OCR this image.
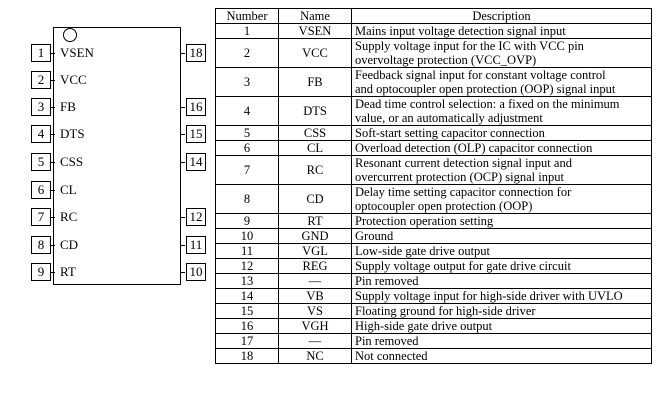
1	VSEN
2	VCC
3	FB
4	DTS
5	CSS
6	CL
7	RC
8	CD
9	RT
18
16
15
14
12
11
10
Number	Name	Description
1	VSEN	Mains input voltage detection signal input
2	VCC	Supply voltage input for the IC with VCC pin
overvoltage protection (VCC_OVP)
3	FB	Feedback signal input for constant voltage control
and optocoupler open protection (OOP) signal input
4	DTS	Dead time control selection: a fixed on the minimum
value, or an automatically adjustment
5	CSS	Soft-start setting capacitor connection
6	CL	Overload detection (OLP) capacitor connection
7	RC	Resonant current detection signal input and
overcurrent protection (OCP) signal input
8	CD	Delay time setting capacitor connection for
optocoupler open protection (OOP)
9	RT	Protection operation setting
10	GND	Ground
11	VGL	Low-side gate drive output
12	REG	Supply voltage output for gate drive circuit
13	—	Pin removed
14	VB	Supply voltage input for high-side driver with UVLO
15	VS	Floating ground for high-side driver
16	VGH	High-side gate drive output
17	—	Pin removed
18	NC	Not connected
